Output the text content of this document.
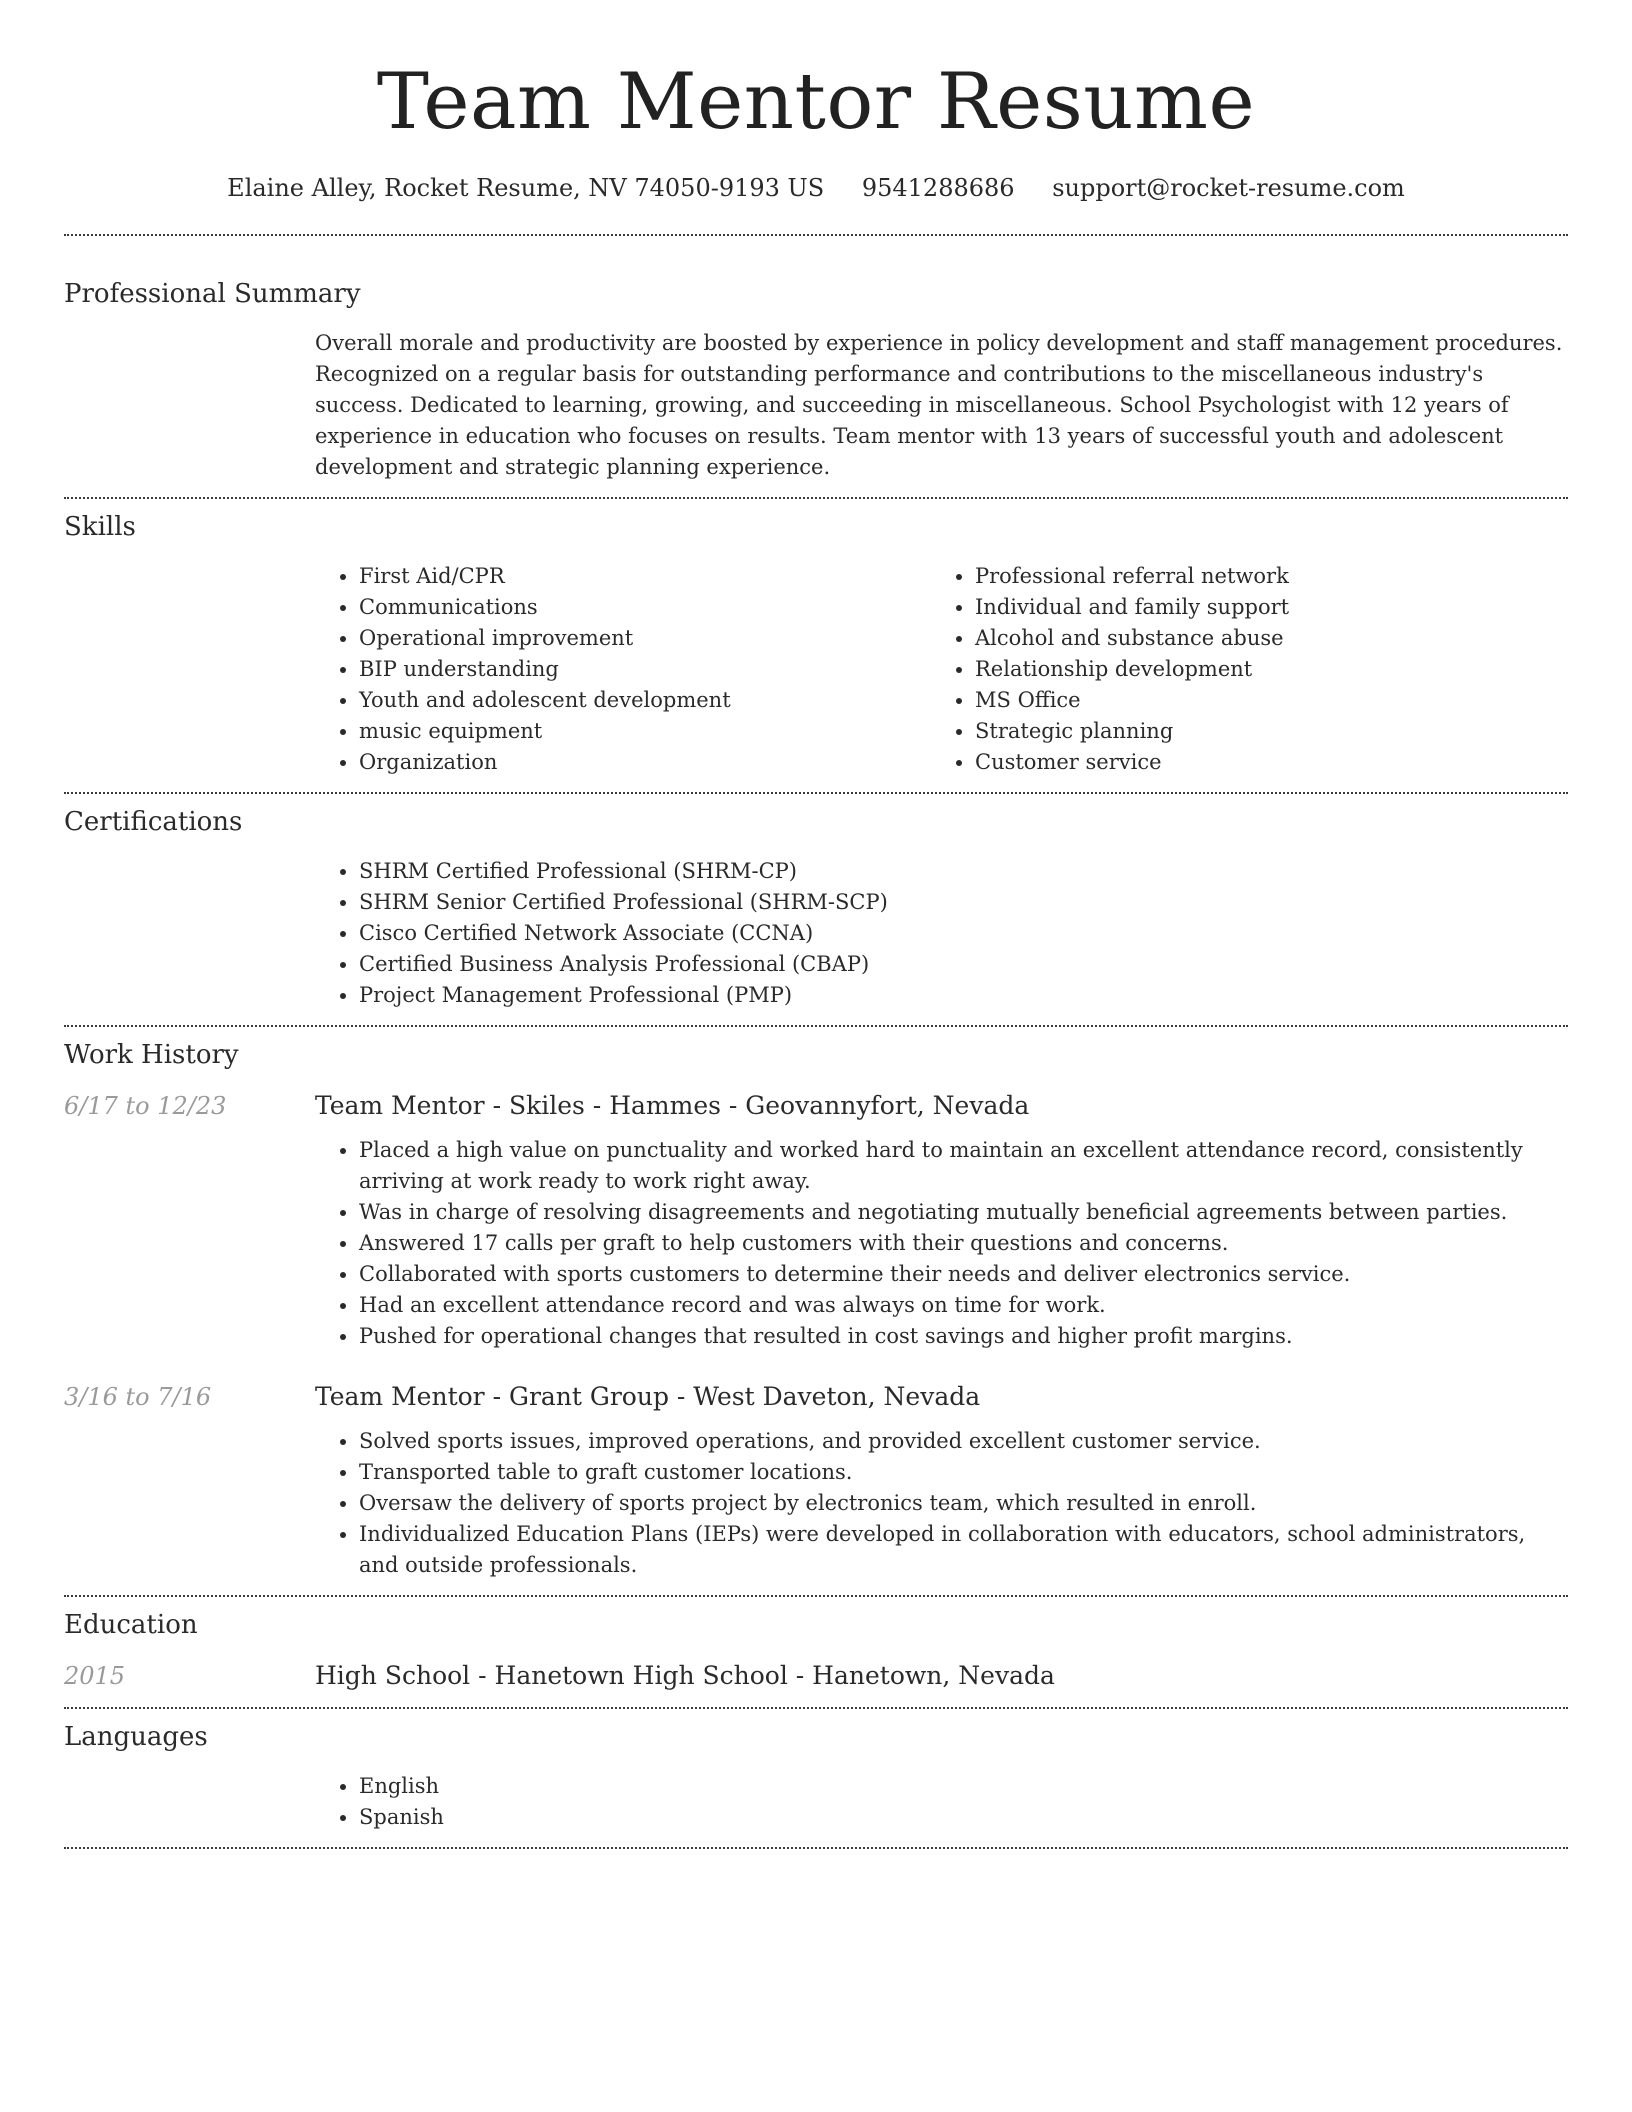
Team Mentor Resume
Elaine Alley, Rocket Resume, NV 74050-9193 US 9541288686 support@rocket-resume.com
Professional Summary

Overall morale and productivity are boosted by experience in policy development and staff management procedures. Recognized on a regular basis for outstanding performance and contributions to the miscellaneous industry's success. Dedicated to learning, growing, and succeeding in miscellaneous. School Psychologist with 12 years of experience in education who focuses on results. Team mentor with 13 years of successful youth and adolescent development and strategic planning experience.

Skills
• First Aid/CPR
• Communications
• Operational improvement
• BIP understanding
• Youth and adolescent development
• music equipment
• Organization
• Professional referral network
• Individual and family support
• Alcohol and substance abuse
• Relationship development
• MS Office
• Strategic planning
• Customer service
Certifications
• SHRM Certified Professional (SHRM-CP)
• SHRM Senior Certified Professional (SHRM-SCP)
• Cisco Certified Network Associate (CCNA)
• Certified Business Analysis Professional (CBAP)
• Project Management Professional (PMP)
Work History
6/17 to 12/23	Team Mentor - Skiles - Hammes - Geovannyfort, Nevada
• Placed a high value on punctuality and worked hard to maintain an excellent attendance record, consistently arriving at work ready to work right away.
• Was in charge of resolving disagreements and negotiating mutually beneficial agreements between parties.
• Answered 17 calls per graft to help customers with their questions and concerns.
• Collaborated with sports customers to determine their needs and deliver electronics service.
• Had an excellent attendance record and was always on time for work.
• Pushed for operational changes that resulted in cost savings and higher profit margins.
3/16 to 7/16	Team Mentor - Grant Group - West Daveton, Nevada
• Solved sports issues, improved operations, and provided excellent customer service.
• Transported table to graft customer locations.
• Oversaw the delivery of sports project by electronics team, which resulted in enroll.
• Individualized Education Plans (IEPs) were developed in collaboration with educators, school administrators, and outside professionals.
Education
2015	High School - Hanetown High School - Hanetown, Nevada
Languages
• English
• Spanish
